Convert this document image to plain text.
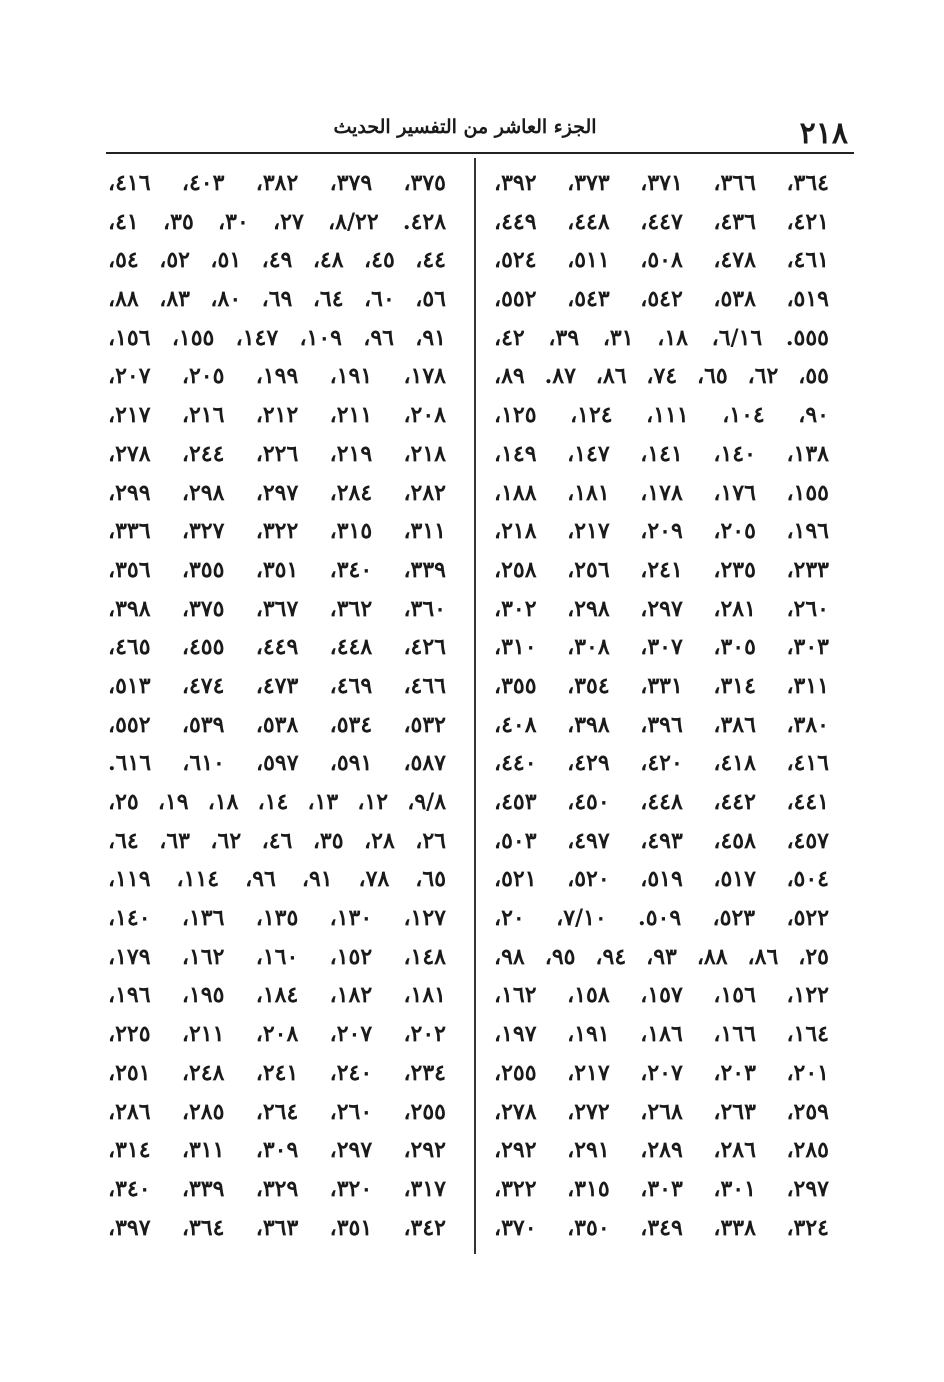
٢١٨
الجزء العاشر من التفسير الحديث
٣٦٤، ٣٦٦، ٣٧١، ٣٧٣، ٣٩٢،
٤٢١، ٤٣٦، ٤٤٧، ٤٤٨، ٤٤٩،
٤٦١، ٤٧٨، ٥٠٨، ٥١١، ٥٢٤،
٥١٩، ٥٣٨، ٥٤٢، ٥٤٣، ٥٥٢،
٥٥٥. ٦/١٦، ١٨، ٣١، ٣٩، ٤٢،
٥٥، ٦٢، ٦٥، ٧٤، ٨٦، ٨٧. ٨٩،
٩٠، ١٠٤، ١١١، ١٢٤، ١٢٥،
١٣٨، ١٤٠، ١٤١، ١٤٧، ١٤٩،
١٥٥، ١٧٦، ١٧٨، ١٨١، ١٨٨،
١٩٦، ٢٠٥، ٢٠٩، ٢١٧، ٢١٨،
٢٣٣، ٢٣٥، ٢٤١، ٢٥٦، ٢٥٨،
٢٦٠، ٢٨١، ٢٩٧، ٢٩٨، ٣٠٢،
٣٠٣، ٣٠٥، ٣٠٧، ٣٠٨، ٣١٠،
٣١١، ٣١٤، ٣٣١، ٣٥٤، ٣٥٥،
٣٨٠، ٣٨٦، ٣٩٦، ٣٩٨، ٤٠٨،
٤١٦، ٤١٨، ٤٢٠، ٤٢٩، ٤٤٠،
٤٤١، ٤٤٢، ٤٤٨، ٤٥٠، ٤٥٣،
٤٥٧، ٤٥٨، ٤٩٣، ٤٩٧، ٥٠٣،
٥٠٤، ٥١٧، ٥١٩، ٥٢٠، ٥٢١،
٥٢٢، ٥٢٣، ٥٠٩. ٧/١٠، ٢٠،
٢٥، ٨٦، ٨٨، ٩٣، ٩٤، ٩٥، ٩٨،
١٢٢، ١٥٦، ١٥٧، ١٥٨، ١٦٢،
١٦٤، ١٦٦، ١٨٦، ١٩١، ١٩٧،
٢٠١، ٢٠٣، ٢٠٧، ٢١٧، ٢٥٥،
٢٥٩، ٢٦٣، ٢٦٨، ٢٧٢، ٢٧٨،
٢٨٥، ٢٨٦، ٢٨٩، ٢٩١، ٢٩٢،
٢٩٧، ٣٠١، ٣٠٣، ٣١٥، ٣٢٢،
٣٢٤، ٣٣٨، ٣٤٩، ٣٥٠، ٣٧٠،
٣٧٥، ٣٧٩، ٣٨٢، ٤٠٣، ٤١٦،
٤٢٨. ٨/٢٢، ٢٧، ٣٠، ٣٥، ٤١،
٤٤، ٤٥، ٤٨، ٤٩، ٥١، ٥٢، ٥٤،
٥٦، ٦٠، ٦٤، ٦٩، ٨٠، ٨٣، ٨٨،
٩١، ٩٦، ١٠٩، ١٤٧، ١٥٥، ١٥٦،
١٧٨، ١٩١، ١٩٩، ٢٠٥، ٢٠٧،
٢٠٨، ٢١١، ٢١٢، ٢١٦، ٢١٧،
٢١٨، ٢١٩، ٢٢٦، ٢٤٤، ٢٧٨،
٢٨٢، ٢٨٤، ٢٩٧، ٢٩٨، ٢٩٩،
٣١١، ٣١٥، ٣٢٢، ٣٢٧، ٣٣٦،
٣٣٩، ٣٤٠، ٣٥١، ٣٥٥، ٣٥٦،
٣٦٠، ٣٦٢، ٣٦٧، ٣٧٥، ٣٩٨،
٤٢٦، ٤٤٨، ٤٤٩، ٤٥٥، ٤٦٥،
٤٦٦، ٤٦٩، ٤٧٣، ٤٧٤، ٥١٣،
٥٣٢، ٥٣٤، ٥٣٨، ٥٣٩، ٥٥٢،
٥٨٧، ٥٩١، ٥٩٧، ٦١٠، ٦١٦.
٩/٨، ١٢، ١٣، ١٤، ١٨، ١٩، ٢٥،
٢٦، ٢٨، ٣٥، ٤٦، ٦٢، ٦٣، ٦٤،
٦٥، ٧٨، ٩١، ٩٦، ١١٤، ١١٩،
١٢٧، ١٣٠، ١٣٥، ١٣٦، ١٤٠،
١٤٨، ١٥٢، ١٦٠، ١٦٢، ١٧٩،
١٨١، ١٨٢، ١٨٤، ١٩٥، ١٩٦،
٢٠٢، ٢٠٧، ٢٠٨، ٢١١، ٢٢٥،
٢٣٤، ٢٤٠، ٢٤١، ٢٤٨، ٢٥١،
٢٥٥، ٢٦٠، ٢٦٤، ٢٨٥، ٢٨٦،
٢٩٢، ٢٩٧، ٣٠٩، ٣١١، ٣١٤،
٣١٧، ٣٢٠، ٣٢٩، ٣٣٩، ٣٤٠،
٣٤٢، ٣٥١، ٣٦٣، ٣٦٤، ٣٩٧،
